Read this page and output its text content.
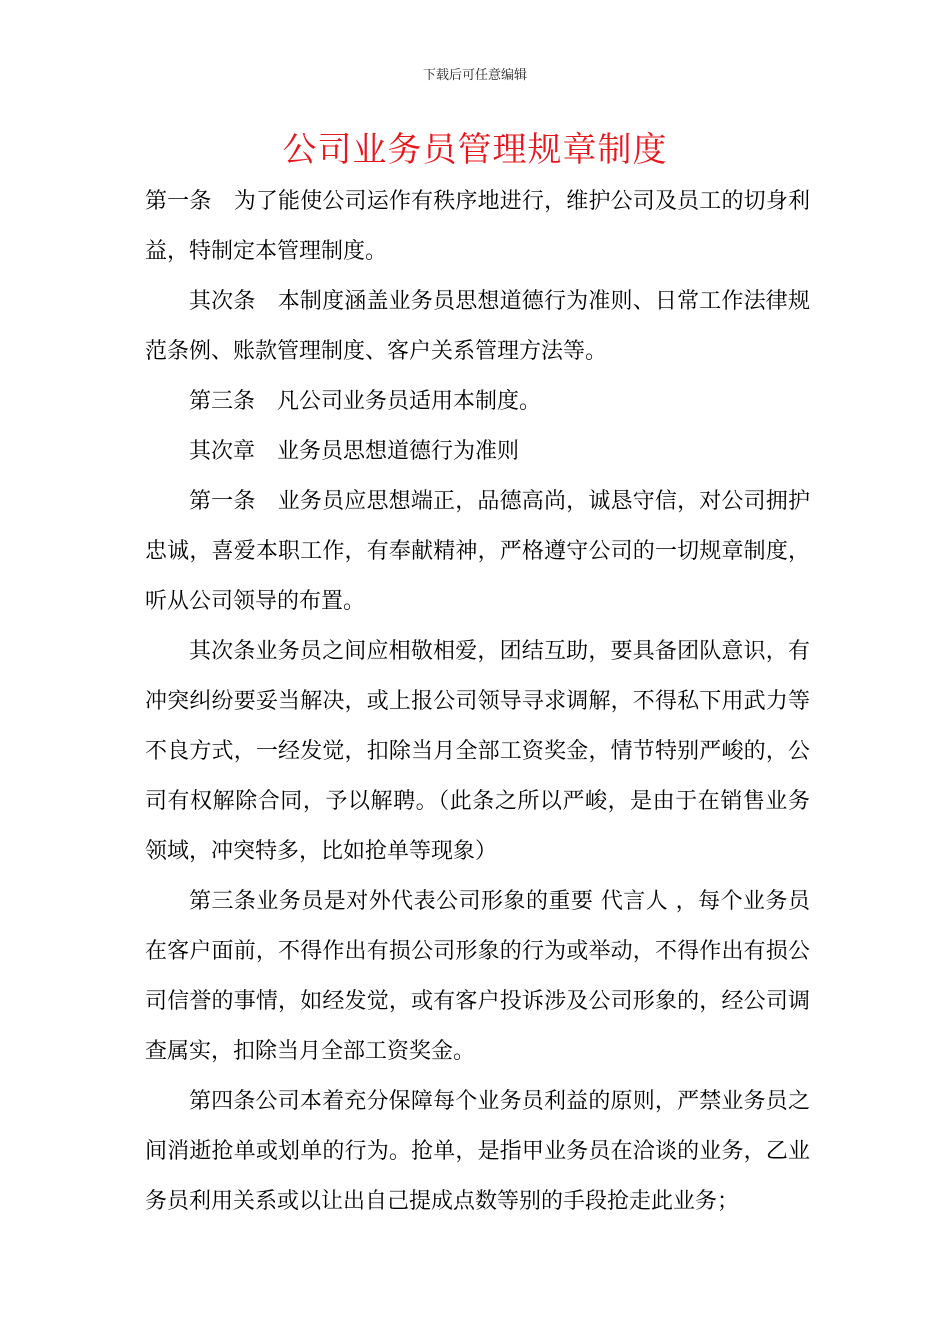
下载后可任意编辑
公司业务员管理规章制度

第一条　为了能使公司运作有秩序地进行，维护公司及员工的切身利益，特制定本管理制度。

其次条　本制度涵盖业务员思想道德行为准则、日常工作法律规范条例、账款管理制度、客户关系管理方法等。

第三条　凡公司业务员适用本制度。

其次章　业务员思想道德行为准则

第一条　业务员应思想端正，品德高尚，诚恳守信，对公司拥护忠诚，喜爱本职工作，有奉献精神，严格遵守公司的一切规章制度，听从公司领导的布置。

其次条业务员之间应相敬相爱，团结互助，要具备团队意识，有冲突纠纷要妥当解决，或上报公司领导寻求调解，不得私下用武力等不良方式，一经发觉，扣除当月全部工资奖金，情节特别严峻的，公司有权解除合同，予以解聘。（此条之所以严峻，是由于在销售业务领域，冲突特多，比如抢单等现象）

第三条业务员是对外代表公司形象的重要 代言人 ，每个业务员在客户面前，不得作出有损公司形象的行为或举动，不得作出有损公司信誉的事情，如经发觉，或有客户投诉涉及公司形象的，经公司调查属实，扣除当月全部工资奖金。

第四条公司本着充分保障每个业务员利益的原则，严禁业务员之间消逝抢单或划单的行为。抢单，是指甲业务员在洽谈的业务，乙业务员利用关系或以让出自己提成点数等别的手段抢走此业务；
